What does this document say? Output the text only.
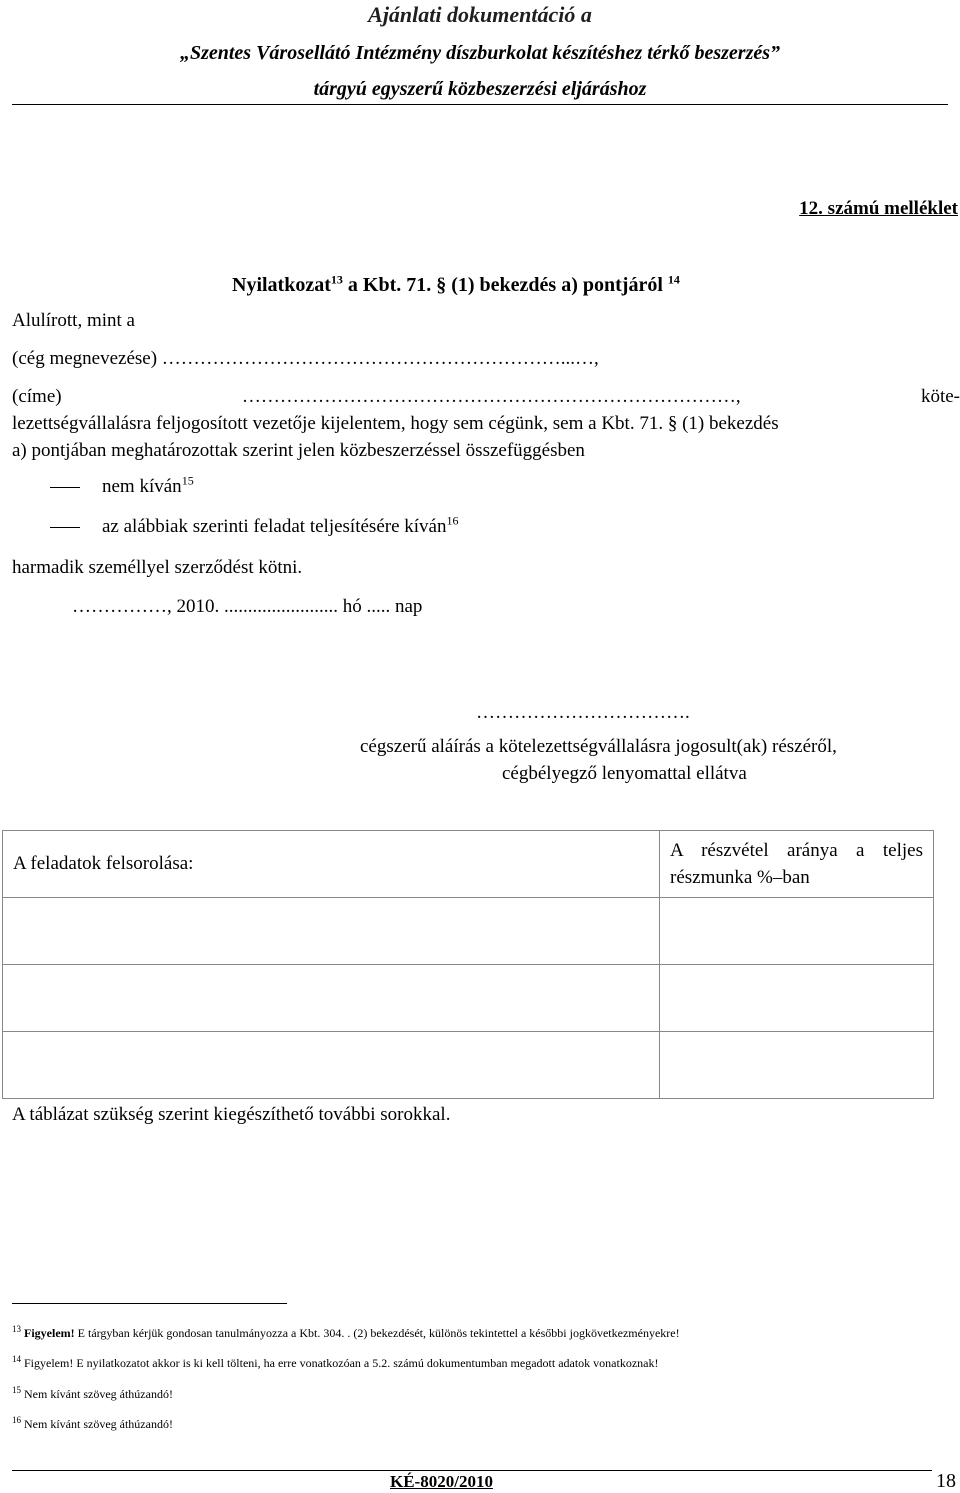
Ajánlati dokumentáció a
„Szentes Városellátó Intézmény díszburkolat készítéshez térkő beszerzés”
tárgyú egyszerű közbeszerzési eljáráshoz
12. számú melléklet
Nyilatkozat$^{13}$ a Kbt. 71. § (1) bekezdés a) pontjáról $^{14}$
Alulírott, mint a
(cég megnevezése) ………………………………………………………...…,
(címe) ……………………………………………………………………, köte-
lezettségvállalásra feljogosított vezetője kijelentem, hogy sem cégünk, sem a Kbt. 71. § (1) bekezdés
a) pontjában meghatározottak szerint jelen közbeszerzéssel összefüggésben
nem kíván$^{15}$
az alábbiak szerinti feladat teljesítésére kíván$^{16}$
harmadik személlyel szerződést kötni.
……………, 2010. ........................ hó ..... nap
…………………………….
cégszerű aláírás a kötelezettségvállalásra jogosult(ak) részéről,
cégbélyegző lenyomattal ellátva
A feladatok felsorolása:	A részvétel aránya a teljes részmunka %–ban

A táblázat szükség szerint kiegészíthető további sorokkal.
$^{13}$ Figyelem! E tárgyban kérjük gondosan tanulmányozza a Kbt. 304. . (2) bekezdését, különös tekintettel a későbbi jogkövetkezményekre!
$^{14}$ Figyelem! E nyilatkozatot akkor is ki kell tölteni, ha erre vonatkozóan a 5.2. számú dokumentumban megadott adatok vonatkoznak!
$^{15}$ Nem kívánt szöveg áthúzandó!
$^{16}$ Nem kívánt szöveg áthúzandó!
KÉ-8020/2010	18
